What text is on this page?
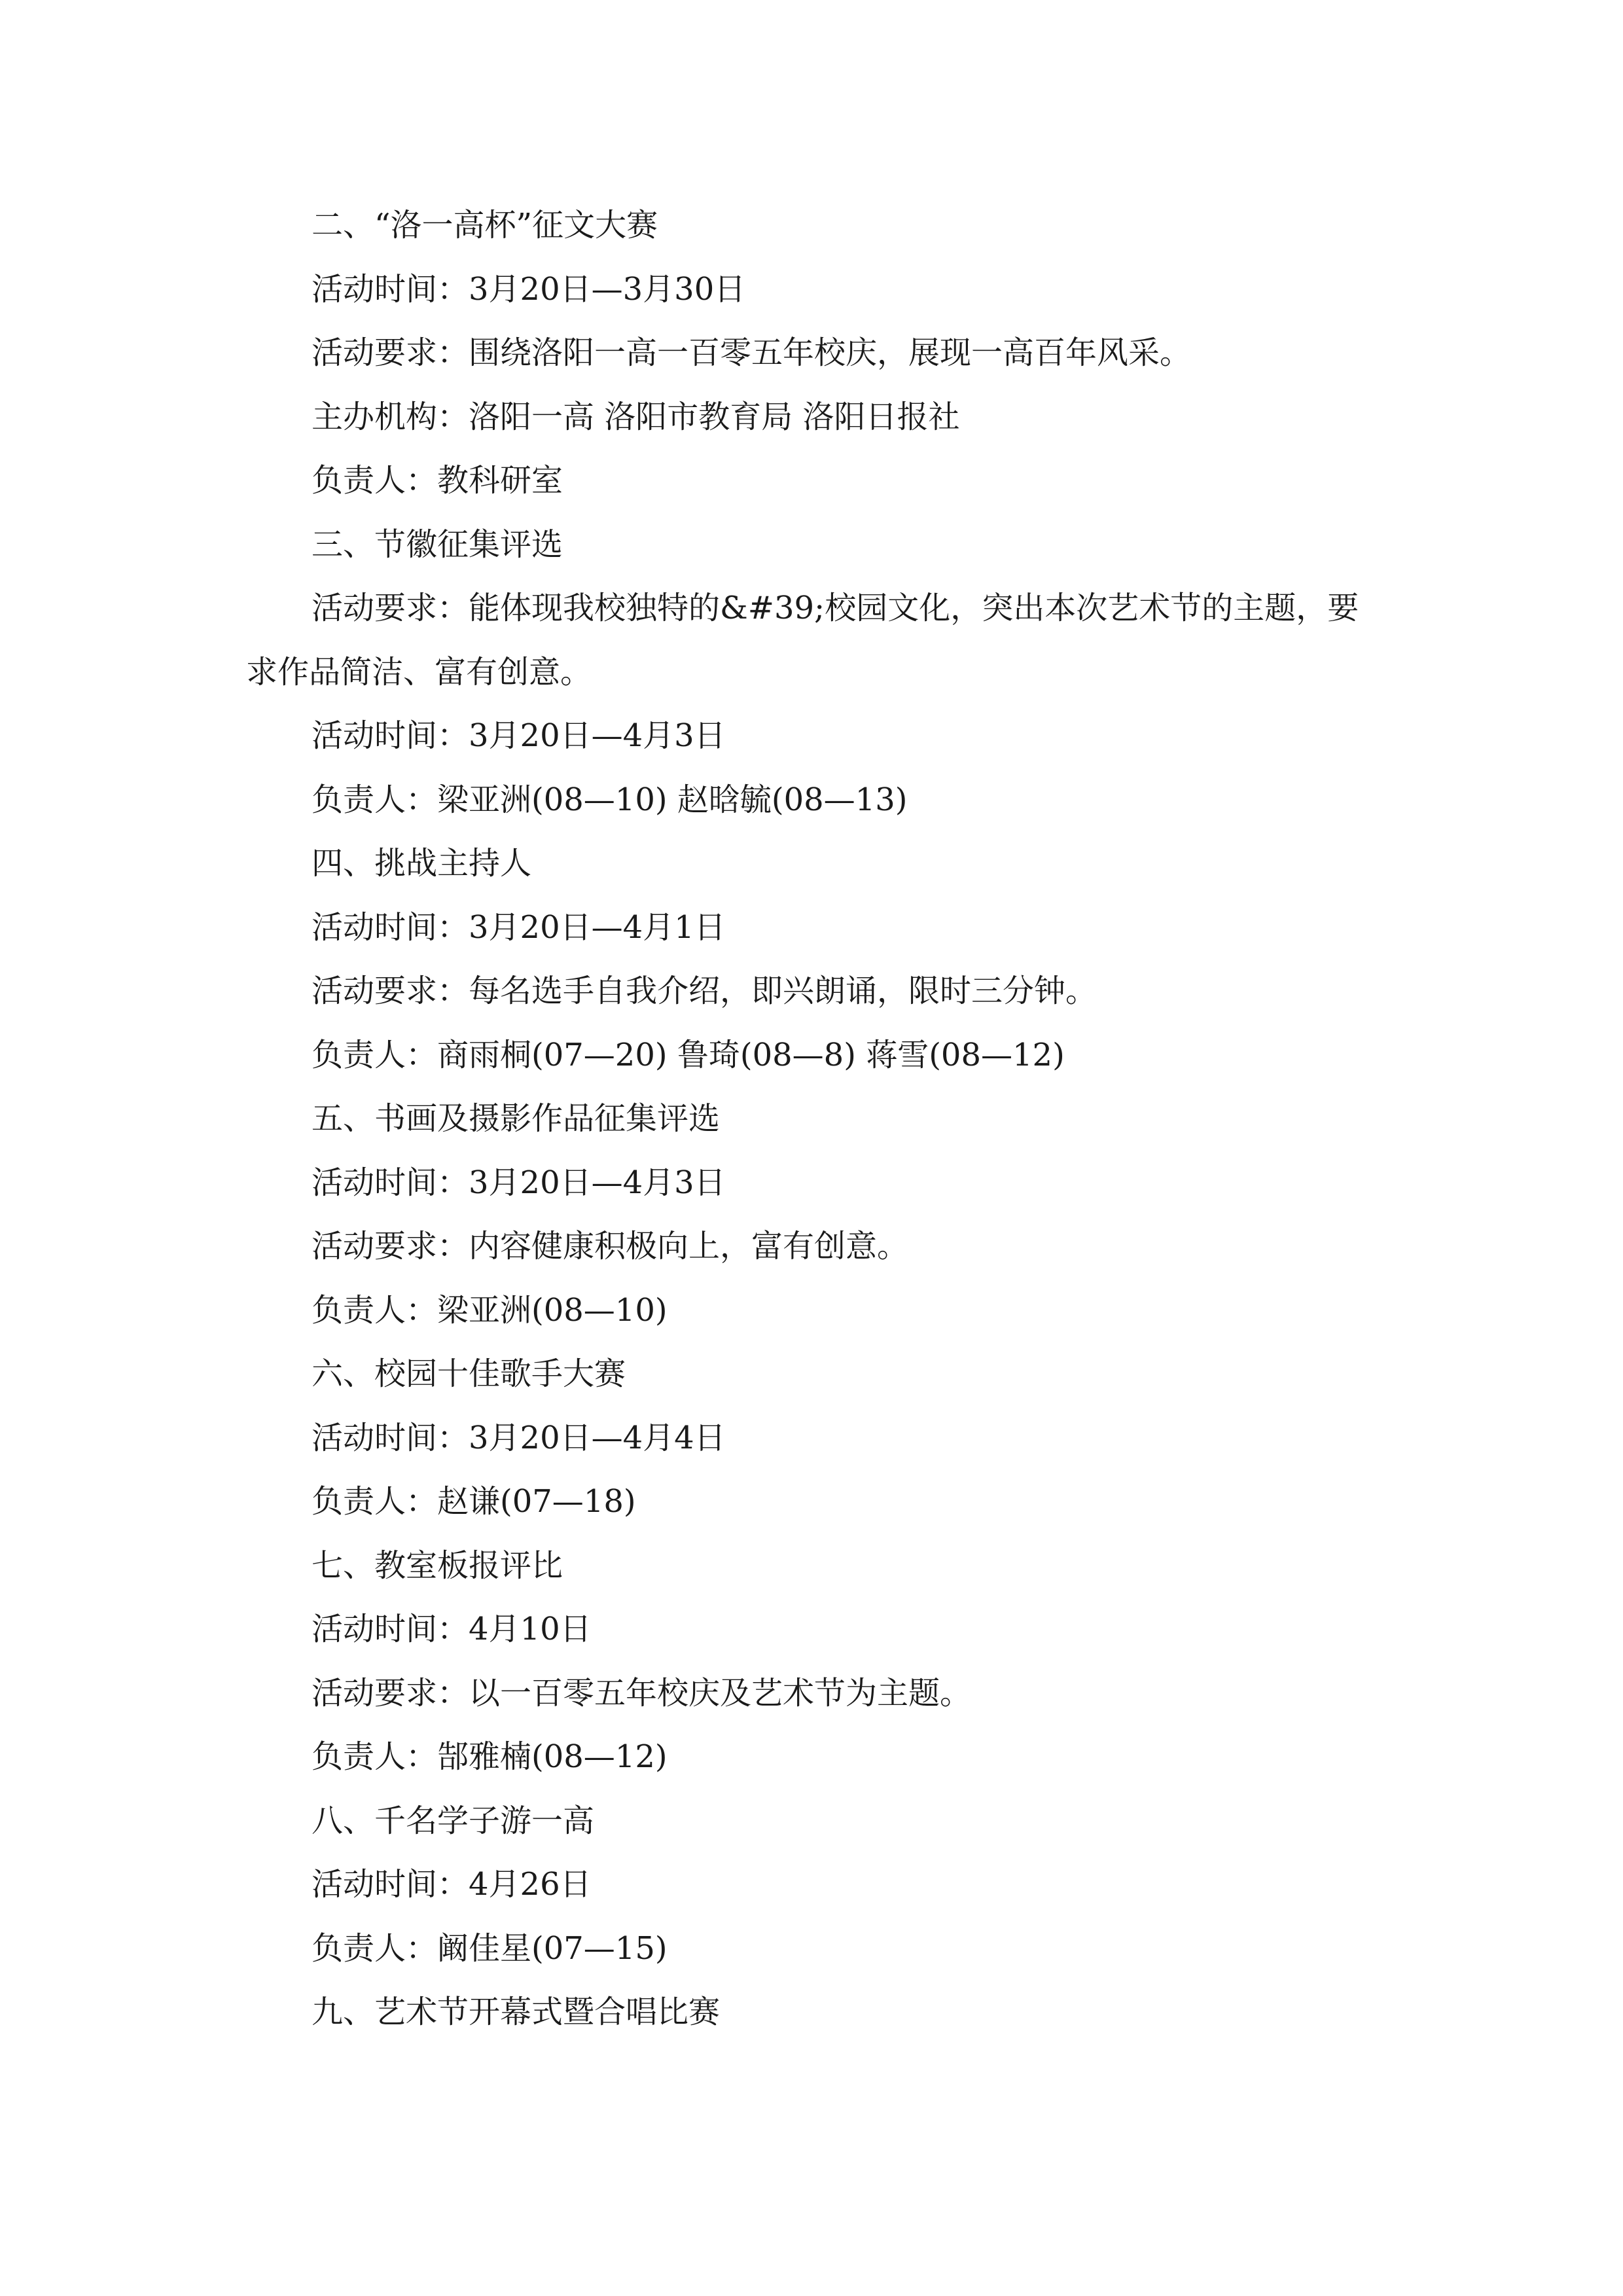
二、“洛一高杯”征文大赛
活动时间：3月20日—3月30日
活动要求：围绕洛阳一高一百零五年校庆，展现一高百年风采。
主办机构：洛阳一高 洛阳市教育局 洛阳日报社
负责人：教科研室
三、节徽征集评选
活动要求：能体现我校独特的&#39;校园文化，突出本次艺术节的主题，要
求作品简洁、富有创意。
活动时间：3月20日—4月3日
负责人：梁亚洲(08—10) 赵晗毓(08—13)
四、挑战主持人
活动时间：3月20日—4月1日
活动要求：每名选手自我介绍，即兴朗诵，限时三分钟。
负责人：商雨桐(07—20) 鲁琦(08—8) 蒋雪(08—12)
五、书画及摄影作品征集评选
活动时间：3月20日—4月3日
活动要求：内容健康积极向上，富有创意。
负责人：梁亚洲(08—10)
六、校园十佳歌手大赛
活动时间：3月20日—4月4日
负责人：赵谦(07—18)
七、教室板报评比
活动时间：4月10日
活动要求：以一百零五年校庆及艺术节为主题。
负责人：郜雅楠(08—12)
八、千名学子游一高
活动时间：4月26日
负责人：阚佳星(07—15)
九、艺术节开幕式暨合唱比赛
